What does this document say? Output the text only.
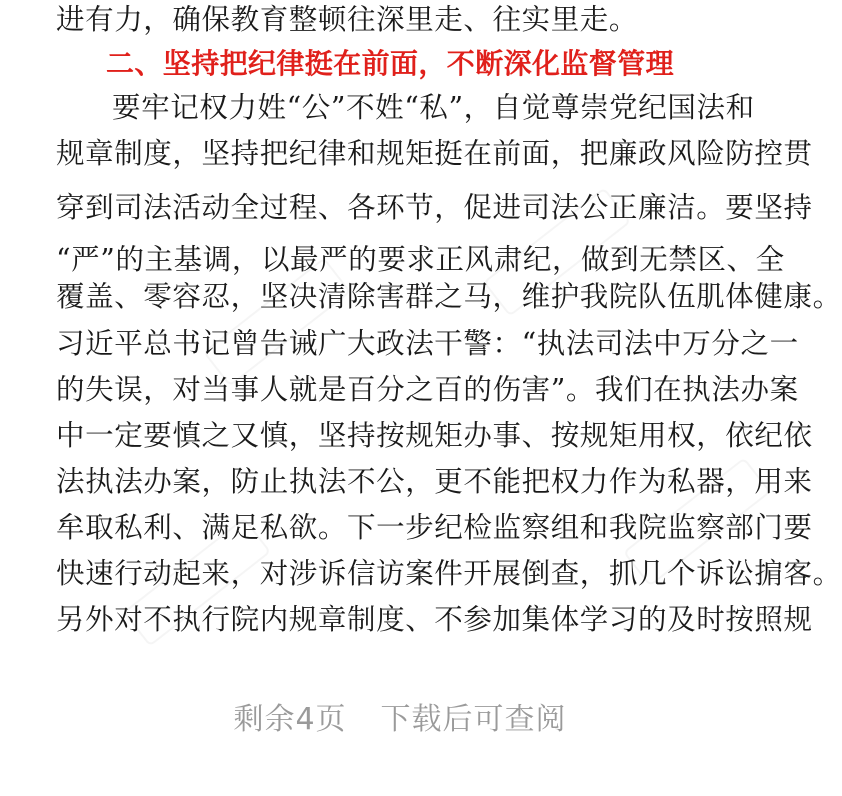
进有力，确保教育整顿往深里走、往实里走。
二、坚持把纪律挺在前面，不断深化监督管理
要牢记权力姓“公”不姓“私”，自觉尊崇党纪国法和
规章制度，坚持把纪律和规矩挺在前面，把廉政风险防控贯
穿到司法活动全过程、各环节，促进司法公正廉洁。要坚持
“严”的主基调，以最严的要求正风肃纪，做到无禁区、全
覆盖、零容忍，坚决清除害群之马，维护我院队伍肌体健康。
习近平总书记曾告诫广大政法干警：“执法司法中万分之一
的失误，对当事人就是百分之百的伤害”。我们在执法办案
中一定要慎之又慎，坚持按规矩办事、按规矩用权，依纪依
法执法办案，防止执法不公，更不能把权力作为私器，用来
牟取私利、满足私欲。下一步纪检监察组和我院监察部门要
快速行动起来，对涉诉信访案件开展倒查，抓几个诉讼掮客。
另外对不执行院内规章制度、不参加集体学习的及时按照规
剩余4页 下载后可查阅
